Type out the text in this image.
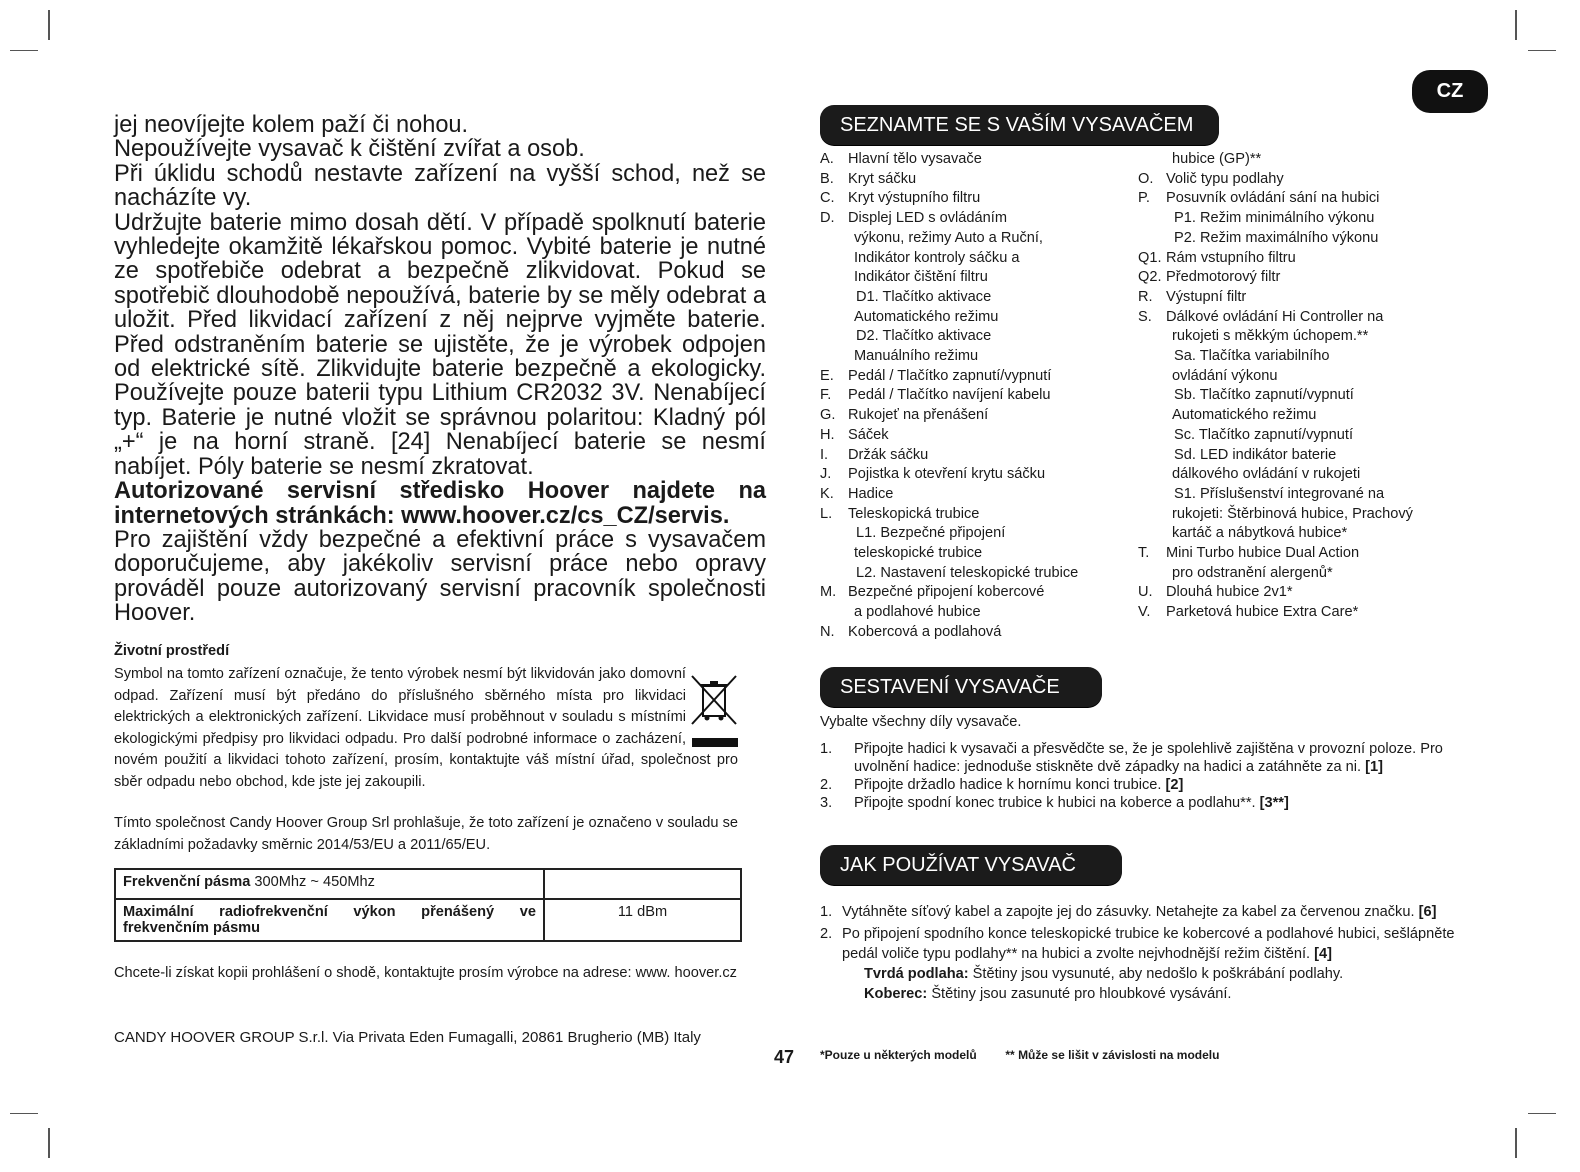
jej neovíjejte kolem paží či nohou.

Nepoužívejte vysavač k čištění zvířat a osob.

Při úklidu schodů nestavte zařízení na vyšší schod, než se nacházíte vy.

Udržujte baterie mimo dosah dětí. V případě spolknutí baterie vyhledejte okamžitě lékařskou pomoc. Vybité baterie je nutné ze spotřebiče odebrat a bezpečně zlikvidovat. Pokud se spotřebič dlouhodobě nepoužívá, baterie by se měly odebrat a uložit. Před likvidací zařízení z něj nejprve vyjměte baterie. Před odstraněním baterie se ujistěte, že je výrobek odpojen od elektrické sítě. Zlikvidujte baterie bezpečně a ekologicky. Používejte pouze baterii typu Lithium CR2032 3V. Nenabíjecí typ. Baterie je nutné vložit se správnou polaritou: Kladný pól „+“ je na horní straně. [24] Nenabíjecí baterie se nesmí nabíjet. Póly baterie se nesmí zkratovat.

Autorizované servisní středisko Hoover najdete na internetových stránkách: www.hoover.cz/cs_CZ/servis.

Pro zajištění vždy bezpečné a efektivní práce s vysavačem doporučujeme, aby jakékoliv servisní práce nebo opravy prováděl pouze autorizovaný servisní pracovník společnosti Hoover.

Životní prostředí

Symbol na tomto zařízení označuje, že tento výrobek nesmí být likvidován jako domovní odpad. Zařízení musí být předáno do příslušného sběrného místa pro likvidaci elektrických a elektronických zařízení. Likvidace musí proběhnout v souladu s místními ekologickými předpisy pro likvidaci odpadu. Pro další podrobné informace o zacházení, novém použití a likvidaci tohoto zařízení, prosím, kontaktujte váš místní úřad, společnost pro sběr odpadu nebo obchod, kde jste jej zakoupili.

Tímto společnost Candy Hoover Group Srl prohlašuje, že toto zařízení je označeno v souladu se základními požadavky směrnic 2014/53/EU a 2011/65/EU.
Frekvenční pásma 300Mhz ~ 450Mhz	
Maximální radiofrekvenční výkon přenášený ve frekvenčním pásmu	11 dBm
Chcete-li získat kopii prohlášení o shodě, kontaktujte prosím výrobce na adrese: www. hoover.cz
CANDY HOOVER GROUP S.r.l. Via Privata Eden Fumagalli, 20861 Brugherio (MB) Italy
47
CZ
SEZNAMTE SE S VAŠÍM VYSAVAČEM
A. Hlavní tělo vysavače
B. Kryt sáčku
C. Kryt výstupního filtru
D. Displej LED s ovládáním
výkonu, režimy Auto a Ruční,
Indikátor kontroly sáčku a
Indikátor čištění filtru
D1. Tlačítko aktivace
Automatického režimu
D2. Tlačítko aktivace
Manuálního režimu
E. Pedál / Tlačítko zapnutí/vypnutí
F.	Pedál / Tlačítko navíjení kabelu
G. Rukojeť na přenášení
H. Sáček
I.	Držák sáčku
J.	Pojistka k otevření krytu sáčku
K. Hadice
L.	Teleskopická trubice
L1. Bezpečné připojení
teleskopické trubice
L2. Nastavení teleskopické trubice
M. Bezpečné připojení kobercové
a podlahové hubice
N. Kobercová a podlahová
hubice (GP)**
O. Volič typu podlahy
P.	Posuvník ovládání sání na hubici
P1. Režim minimálního výkonu
P2. Režim maximálního výkonu
Q1. Rám vstupního filtru
Q2. Předmotorový filtr
R. Výstupní filtr
S. Dálkové ovládání Hi Controller na
rukojeti s měkkým úchopem.**
Sa. Tlačítka variabilního
ovládání výkonu
Sb. Tlačítko zapnutí/vypnutí
Automatického režimu
Sc. Tlačítko zapnutí/vypnutí
Sd. LED indikátor baterie
dálkového ovládání v rukojeti
S1. Příslušenství integrované na
rukojeti: Štěrbinová hubice, Prachový
kartáč a nábytková hubice*
T.	Mini Turbo hubice Dual Action
pro odstranění alergenů*
U. Dlouhá hubice 2v1*
V.	Parketová hubice Extra Care*
SESTAVENÍ VYSAVAČE
Vybalte všechny díly vysavače.
1.	Připojte hadici k vysavači a přesvědčte se, že je spolehlivě zajištěna v provozní poloze. Pro uvolnění hadice: jednoduše stiskněte dvě západky na hadici a zatáhněte za ni. [1]
2.	Připojte držadlo hadice k hornímu konci trubice. [2]
3.	Připojte spodní konec trubice k hubici na koberce a podlahu**. [3**]
JAK POUŽÍVAT VYSAVAČ
1. Vytáhněte síťový kabel a zapojte jej do zásuvky. Netahejte za kabel za červenou značku. [6]
2. Po připojení spodního konce teleskopické trubice ke kobercové a podlahové hubici, sešlápněte pedál voliče typu podlahy** na hubici a zvolte nejvhodnější režim čištění. [4]
Tvrdá podlaha: Štětiny jsou vysunuté, aby nedošlo k poškrábání podlahy.
Koberec: Štětiny jsou zasunuté pro hloubkové vysávání.
*Pouze u některých modelů ** Může se lišit v závislosti na modelu
